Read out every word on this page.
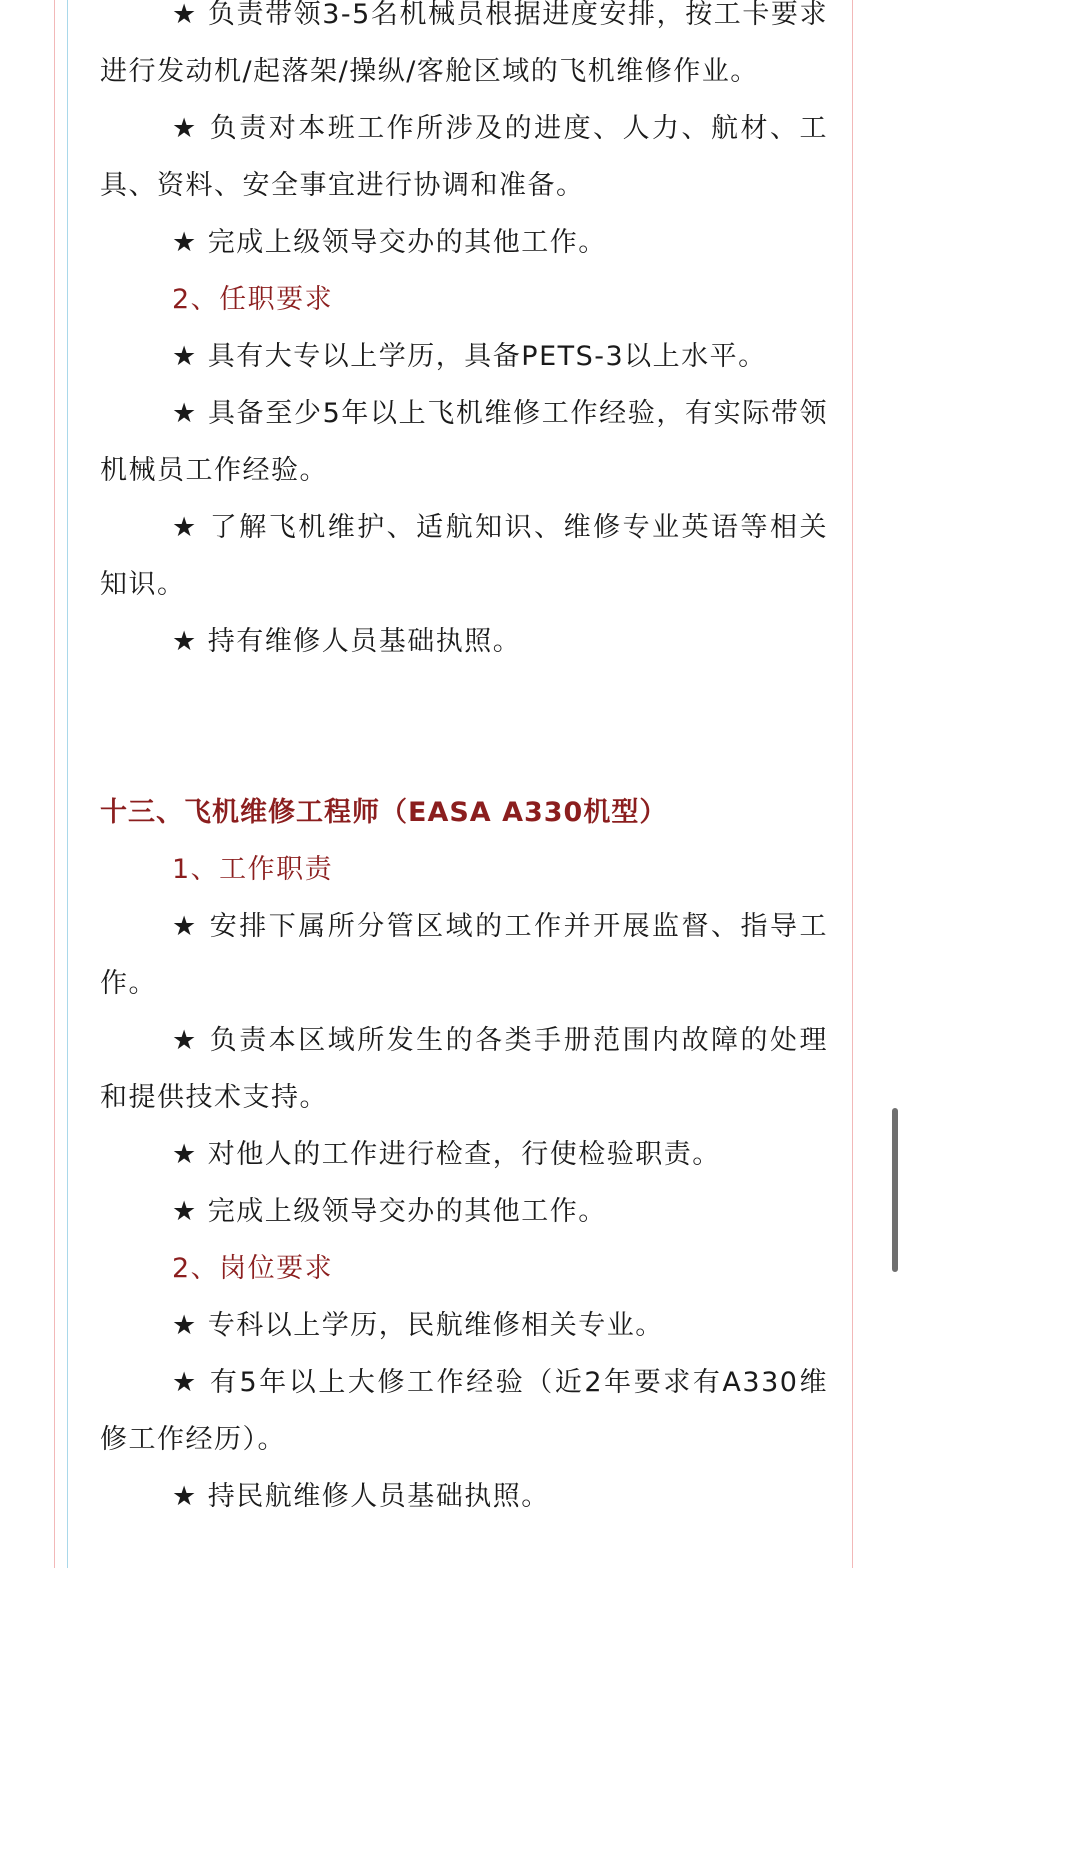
★ 负责带领3-5名机械员根据进度安排，按工卡要求进行发动机/起落架/操纵/客舱区域的飞机维修作业。

★ 负责对本班工作所涉及的进度、人力、航材、工具、资料、安全事宜进行协调和准备。

★ 完成上级领导交办的其他工作。

2、任职要求

★ 具有大专以上学历，具备PETS-3以上水平。

★ 具备至少5年以上飞机维修工作经验，有实际带领机械员工作经验。

★ 了解飞机维护、适航知识、维修专业英语等相关知识。

★ 持有维修人员基础执照。

十三、飞机维修工程师（EASA A330机型）

1、工作职责

★ 安排下属所分管区域的工作并开展监督、指导工作。

★ 负责本区域所发生的各类手册范围内故障的处理和提供技术支持。

★ 对他人的工作进行检查，行使检验职责。

★ 完成上级领导交办的其他工作。

2、岗位要求

★ 专科以上学历，民航维修相关专业。

★ 有5年以上大修工作经验（近2年要求有A330维修工作经历）。

★ 持民航维修人员基础执照。
